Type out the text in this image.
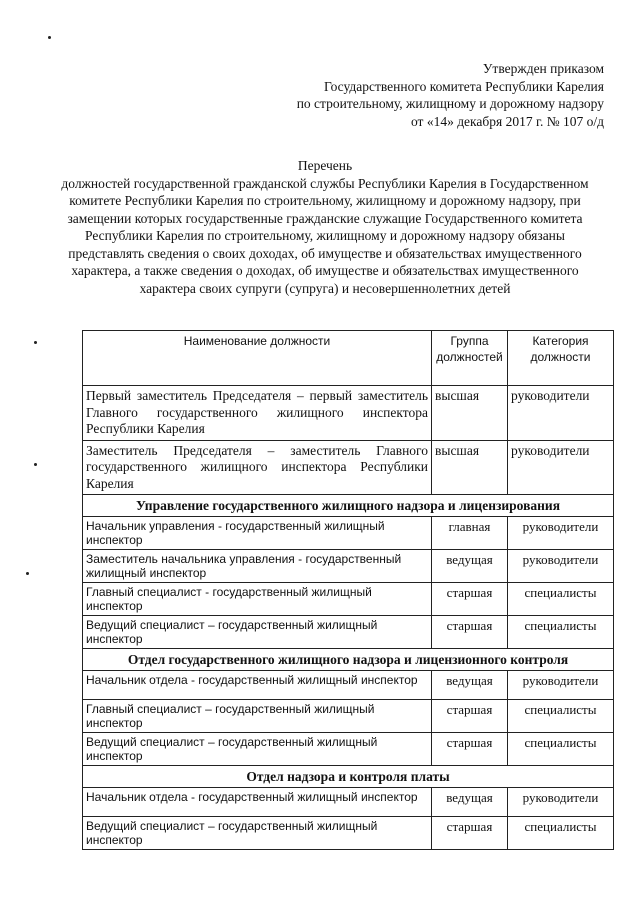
Утвержден приказом
Государственного комитета Республики Карелия
по строительному, жилищному и дорожному надзору
от «14» декабря 2017 г. № 107 о/д
Перечень
должностей государственной гражданской службы Республики Карелия в Государственном комитете Республики Карелия по строительному, жилищному и дорожному надзору, при замещении которых государственные гражданские служащие Государственного комитета Республики Карелия по строительному, жилищному и дорожному надзору обязаны представлять сведения о своих доходах, об имуществе и обязательствах имущественного характера, а также сведения о доходах, об имуществе и обязательствах имущественного характера своих супруги (супруга) и несовершеннолетних детей
Наименование должности	Группа должностей	Категория должности
Первый заместитель Председателя – первый заместитель Главного государственного жилищного инспектора Республики Карелия	высшая	руководители
Заместитель Председателя – заместитель Главного государственного жилищного инспектора Республики Карелия	высшая	руководители
Управление государственного жилищного надзора и лицензирования		
Начальник управления - государственный жилищный инспектор	главная	руководители
Заместитель начальника управления - государственный жилищный инспектор	ведущая	руководители
Главный специалист - государственный жилищный инспектор	старшая	специалисты
Ведущий специалист – государственный жилищный инспектор	старшая	специалисты
Отдел государственного жилищного надзора и лицензионного контроля		
Начальник отдела - государственный жилищный инспектор	ведущая	руководители
Главный специалист – государственный жилищный инспектор	старшая	специалисты
Ведущий специалист – государственный жилищный инспектор	старшая	специалисты
Отдел надзора и контроля платы		
Начальник отдела - государственный жилищный инспектор	ведущая	руководители
Ведущий специалист – государственный жилищный инспектор	старшая	специалисты
